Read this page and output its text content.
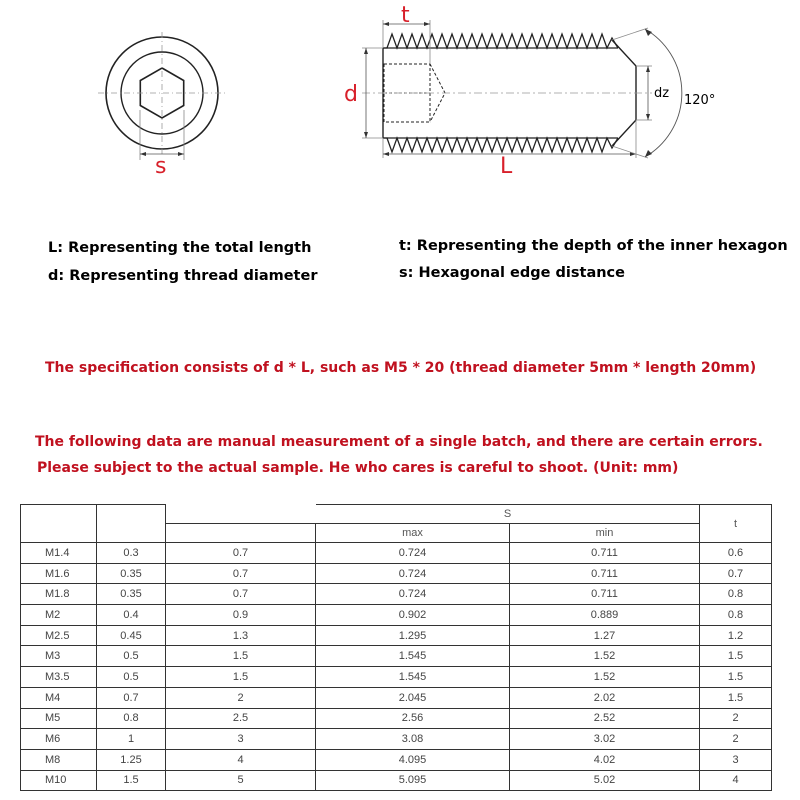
s
t
d
L
dz 120°
L: Representing the total length
d: Representing thread diameter
t: Representing the depth of the inner hexagon
s: Hexagonal edge distance
The specification consists of d * L, such as M5 * 20 (thread diameter 5mm * length 20mm)
The following data are manual measurement of a single batch, and there are certain errors.
Please subject to the actual sample. He who cares is careful to shoot. (Unit: mm)
			S		t
			max	min	
M1.4	0.3	0.7	0.724	0.711	0.6
M1.6	0.35	0.7	0.724	0.711	0.7
M1.8	0.35	0.7	0.724	0.711	0.8
M2	0.4	0.9	0.902	0.889	0.8
M2.5	0.45	1.3	1.295	1.27	1.2
M3	0.5	1.5	1.545	1.52	1.5
M3.5	0.5	1.5	1.545	1.52	1.5
M4	0.7	2	2.045	2.02	1.5
M5	0.8	2.5	2.56	2.52	2
M6	1	3	3.08	3.02	2
M8	1.25	4	4.095	4.02	3
M10	1.5	5	5.095	5.02	4
